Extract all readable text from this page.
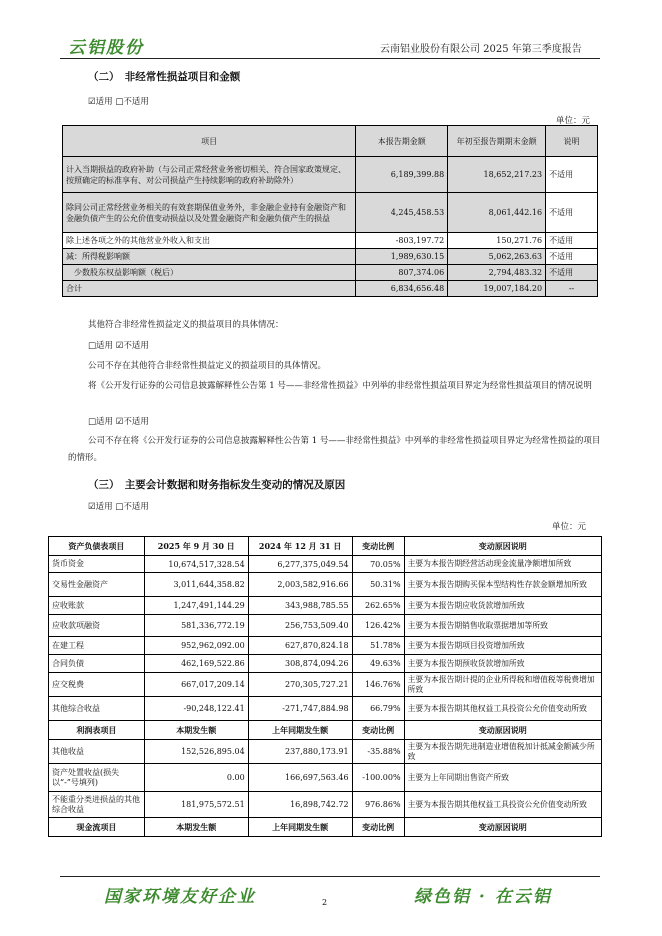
云铝股份	云南铝业股份有限公司 2025 年第三季度报告
（二）　非经常性损益项目和金额
☑适用 □不适用
单位：元
项目	本报告期金额	年初至报告期期末金额	说明
计入当期损益的政府补助（与公司正常经营业务密切相关、符合国家政策规定、按照确定的标准享有、对公司损益产生持续影响的政府补助除外）	6,189,399.88	18,652,217.23	不适用
除同公司正常经营业务相关的有效套期保值业务外，非金融企业持有金融资产和金融负债产生的公允价值变动损益以及处置金融资产和金融负债产生的损益	4,245,458.53	8,061,442.16	不适用
除上述各项之外的其他营业外收入和支出	-803,197.72	150,271.76	不适用
减：所得税影响额	1,989,630.15	5,062,263.63	不适用
　少数股东权益影响额（税后）	807,374.06	2,794,483.32	不适用
合计	6,834,656.48	19,007,184.20	--
其他符合非经常性损益定义的损益项目的具体情况：
□适用 ☑不适用
公司不存在其他符合非经常性损益定义的损益项目的具体情况。
将《公开发行证券的公司信息披露解释性公告第 1 号——非经常性损益》中列举的非经常性损益项目界定为经常性损益项目的情况说明
□适用 ☑不适用
公司不存在将《公开发行证券的公司信息披露解释性公告第 1 号——非经常性损益》中列举的非经常性损益项目界定为经常性损益的项目的情形。
（三）　主要会计数据和财务指标发生变动的情况及原因
☑适用 □不适用
单位：元
资产负债表项目	2025 年 9 月 30 日	2024 年 12 月 31 日	变动比例	变动原因说明
货币资金	10,674,517,328.54	6,277,375,049.54	70.05%	主要为本报告期经营活动现金流量净额增加所致
交易性金融资产	3,011,644,358.82	2,003,582,916.66	50.31%	主要为本报告期购买保本型结构性存款金额增加所致
应收账款	1,247,491,144.29	343,988,785.55	262.65%	主要为本报告期应收货款增加所致
应收款项融资	581,336,772.19	256,753,509.40	126.42%	主要为本报告期销售收取票据增加等所致
在建工程	952,962,092.00	627,870,824.18	51.78%	主要为本报告期项目投资增加所致
合同负债	462,169,522.86	308,874,094.26	49.63%	主要为本报告期预收货款增加所致
应交税费	667,017,209.14	270,305,727.21	146.76%	主要为本报告期计提的企业所得税和增值税等税费增加所致
其他综合收益	-90,248,122.41	-271,747,884.98	66.79%	主要为本报告期其他权益工具投资公允价值变动所致
利润表项目	本期发生额	上年同期发生额	变动比例	变动原因说明
其他收益	152,526,895.04	237,880,173.91	-35.88%	主要为本报告期先进制造业增值税加计抵减金额减少所致
资产处置收益(损失以“-”号填列)	0.00	166,697,563.46	-100.00%	主要为上年同期出售资产所致
不能重分类进损益的其他综合收益	181,975,572.51	16,898,742.72	976.86%	主要为本报告期其他权益工具投资公允价值变动所致
现金流项目	本期发生额	上年同期发生额	变动比例	变动原因说明
国家环境友好企业	绿色铝 · 在云铝
2
